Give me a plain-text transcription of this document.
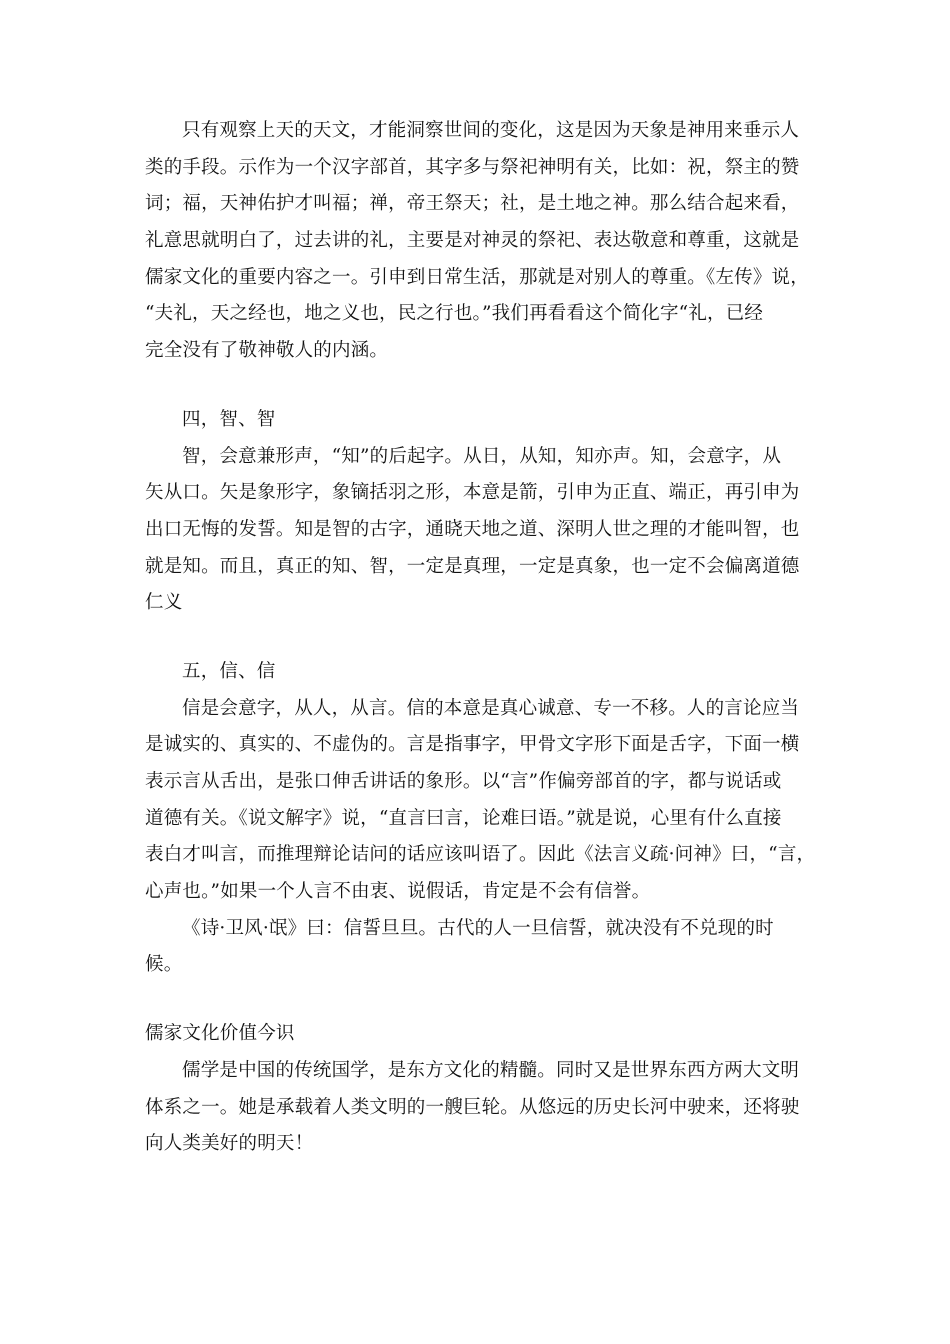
只有观察上天的天文，才能洞察世间的变化，这是因为天象是神用来垂示人
类的手段。示作为一个汉字部首，其字多与祭祀神明有关，比如：祝，祭主的赞
词；福，天神佑护才叫福；禅，帝王祭天；社，是土地之神。那么结合起来看，
礼意思就明白了，过去讲的礼，主要是对神灵的祭祀、表达敬意和尊重，这就是
儒家文化的重要内容之一。引申到日常生活，那就是对别人的尊重。《左传》说，
“夫礼，天之经也，地之义也，民之行也。”我们再看看这个简化字“礼，已经
完全没有了敬神敬人的内涵。
四，智、智
智，会意兼形声，“知”的后起字。从日，从知，知亦声。知，会意字，从
矢从口。矢是象形字，象镝括羽之形，本意是箭，引申为正直、端正，再引申为
出口无悔的发誓。知是智的古字，通晓天地之道、深明人世之理的才能叫智，也
就是知。而且，真正的知、智，一定是真理，一定是真象，也一定不会偏离道德
仁义
五，信、信
信是会意字，从人，从言。信的本意是真心诚意、专一不移。人的言论应当
是诚实的、真实的、不虚伪的。言是指事字，甲骨文字形下面是舌字，下面一横
表示言从舌出，是张口伸舌讲话的象形。以“言”作偏旁部首的字，都与说话或
道德有关。《说文解字》说，“直言曰言，论难曰语。”就是说，心里有什么直接
表白才叫言，而推理辩论诘问的话应该叫语了。因此《法言义疏·问神》曰，“言，
心声也。”如果一个人言不由衷、说假话，肯定是不会有信誉。
《诗·卫风·氓》曰：信誓旦旦。古代的人一旦信誓，就决没有不兑现的时
候。
儒家文化价值今识
儒学是中国的传统国学，是东方文化的精髓。同时又是世界东西方两大文明
体系之一。她是承载着人类文明的一艘巨轮。从悠远的历史长河中驶来，还将驶
向人类美好的明天！
